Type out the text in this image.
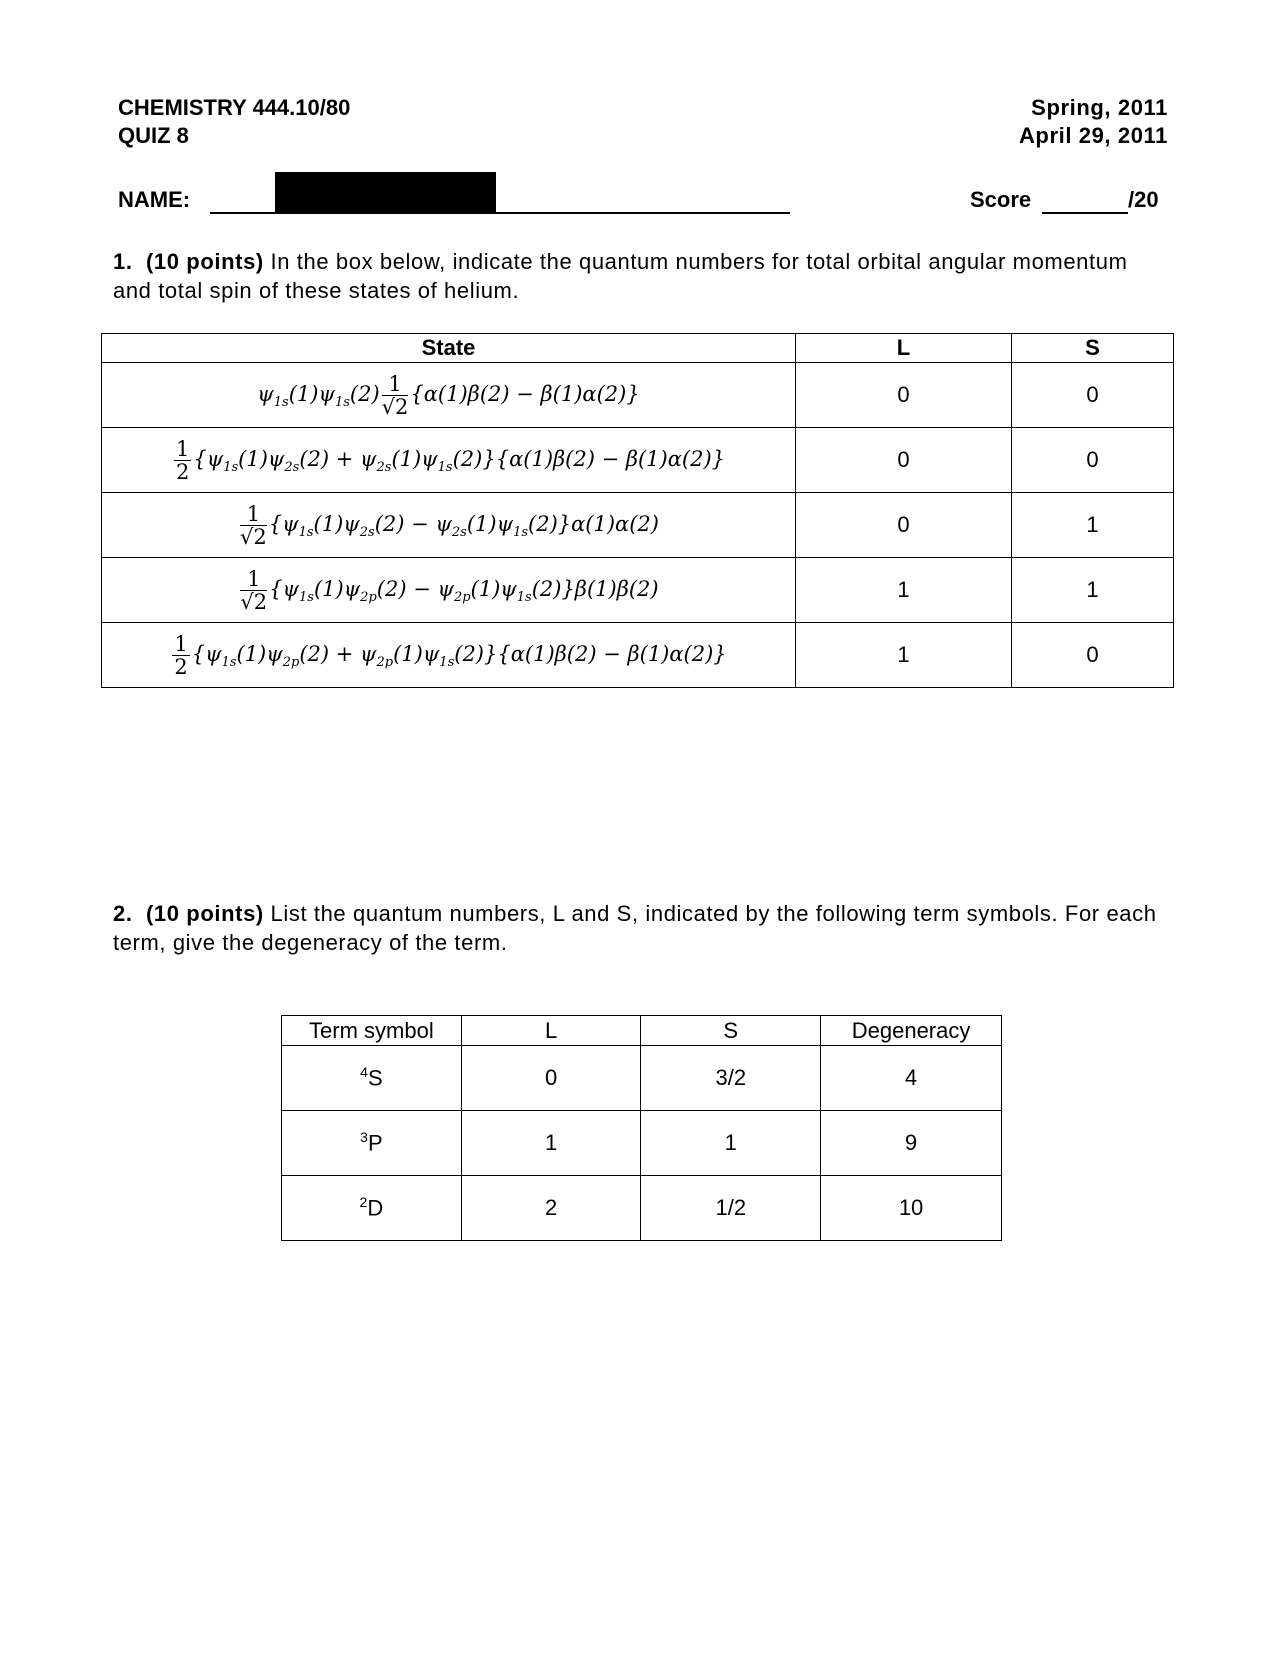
CHEMISTRY 444.10/80
QUIZ 8
Spring, 2011
April 29, 2011
NAME:	Score	/20
1. (10 points) In the box below, indicate the quantum numbers for total orbital angular momentum and total spin of these states of helium.
State	L	S
$\psi_{1s}(1)\psi_{1s}(2) \frac{1}{√2} \{\alpha(1)\beta(2) - \beta(1)\alpha(2)\}$	0	0

$\frac{1}{2} \{\psi_{1s}(1)\psi_{2s}(2) + \psi_{2s}(1)\psi_{1s}(2)\}\{\alpha(1)\beta(2) - \beta(1)\alpha(2)\}$	0	0

$\frac{1}{√2} \{\psi_{1s}(1)\psi_{2s}(2) - \psi_{2s}(1)\psi_{1s}(2)\}\alpha(1)\alpha(2)$	0	1

$\frac{1}{√2} \{\psi_{1s}(1)\psi_{2p}(2) - \psi_{2p}(1)\psi_{1s}(2)\}\beta(1)\beta(2)$	1	1

$\frac{1}{2} \{\psi_{1s}(1)\psi_{2p}(2) + \psi_{2p}(1)\psi_{1s}(2)\}\{\alpha(1)\beta(2) - \beta(1)\alpha(2)\}$	1	0
2. (10 points) List the quantum numbers, L and S, indicated by the following term symbols. For each term, give the degeneracy of the term.
Term symbol	L	S	Degeneracy
$^4$S	0	3/2	4
$^3$P	1	1	9
$^2$D	2	1/2	10
